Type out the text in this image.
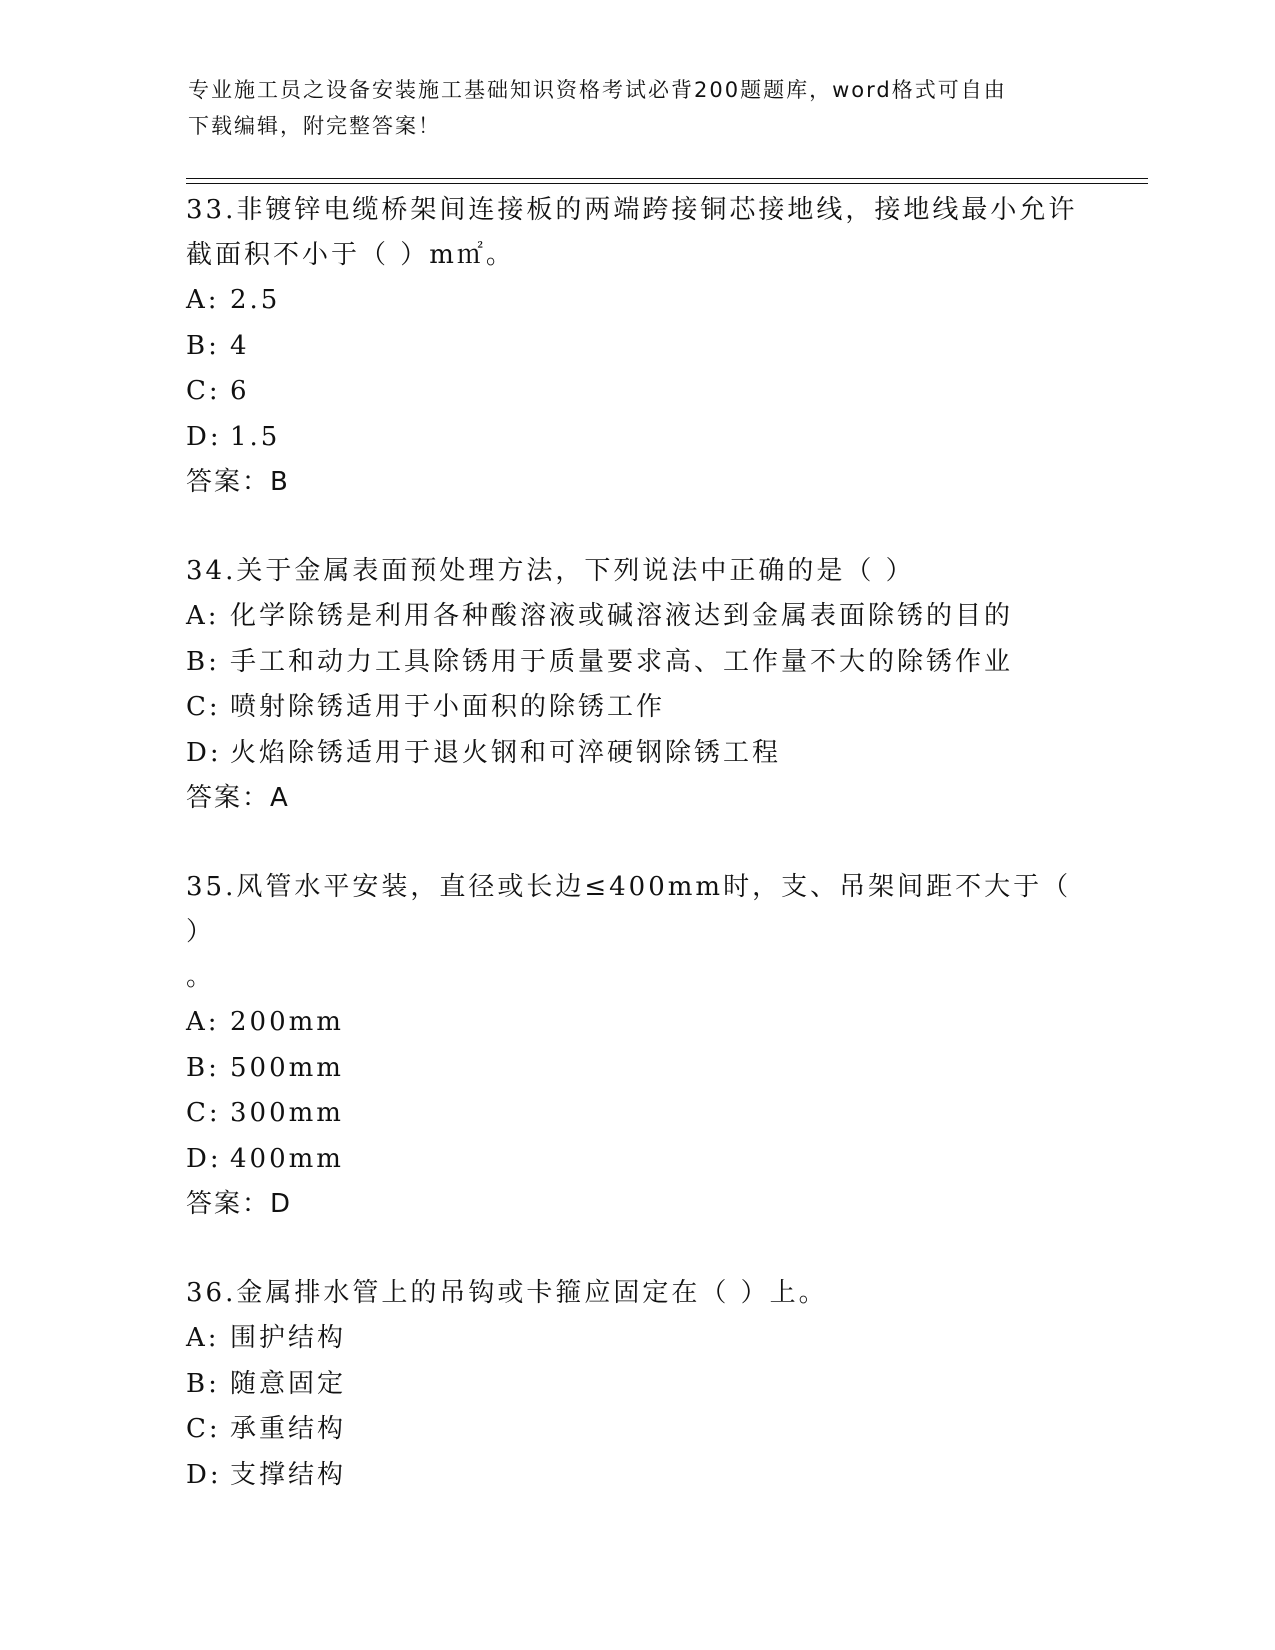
专业施工员之设备安装施工基础知识资格考试必背200题题库，word格式可自由
下载编辑，附完整答案！

33.非镀锌电缆桥架间连接板的两端跨接铜芯接地线，接地线最小允许截面积不小于（ ）m㎡。

A: 2.5
B: 4
C: 6
D: 1.5
答案：B

34.关于金属表面预处理方法，下列说法中正确的是（ ）

A: 化学除锈是利用各种酸溶液或碱溶液达到金属表面除锈的目的
B: 手工和动力工具除锈用于质量要求高、工作量不大的除锈作业
C: 喷射除锈适用于小面积的除锈工作
D: 火焰除锈适用于退火钢和可淬硬钢除锈工程
答案：A

35.风管水平安装，直径或长边≤400mm时，支、吊架间距不大于（ ）
。

A: 200mm
B: 500mm
C: 300mm
D: 400mm
答案：D

36.金属排水管上的吊钩或卡箍应固定在（ ）上。

A: 围护结构
B: 随意固定
C: 承重结构
D: 支撑结构
